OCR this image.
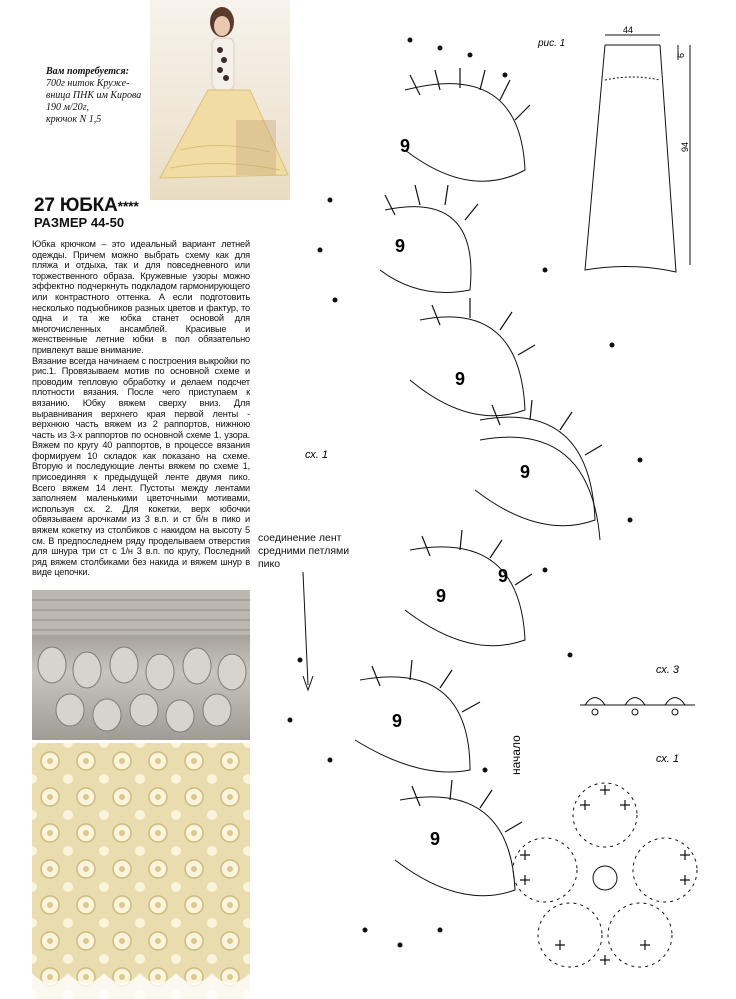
Вам потребуется:
700г ниток Круже-
вница ПНК им Кирова
190 м/20г,
крючок N 1,5
27 ЮБКА****
РАЗМЕР 44-50

Юбка крючком – это идеальный вариант летней одежды. Причем можно выбрать схему как для пляжа и отдыха, так и для повседневного или торжественного образа. Кружевные узоры можно эффектно подчеркнуть подкладом гармонирующего или контрастного оттенка. А если подготовить несколько подъюбников разных цветов и фактур, то одна и та же юбка станет основой для многочисленных ансамблей. Красивые и женственные летние юбки в пол обязательно привлекут ваше внимание.

Вязание всегда начинаем с построения выкройки по рис.1. Провязываем мотив по основной схеме и проводим тепловую обработку и делаем подсчет плотности вязания. После чего приступаем к вязанию. Юбку вяжем сверху вниз. Для выравнивания верхнего края первой ленты - верхнюю часть вяжем из 2 раппортов, нижнюю часть из 3-х раппортов по основной схеме 1. узора. Вяжем по кругу 40 раппортов, в процессе вязания формируем 10 складок как показано на схеме. Вторую и последующие ленты вяжем по схеме 1, присоединяя к предыдущей ленте двумя пико. Всего вяжем 14 лент. Пустоты между лентами заполняем маленькими цветочными мотивами, используя сх. 2. Для кокетки, верх юбочки обвязываем арочками из 3 в.п. и ст б/н в пико и вяжем кокетку из столбиков с накидом на высоту 5 см. В предпоследнем ряду проделываем отверстия для шнура три ст с 1/н 3 в.п. по кругу, Последний ряд вяжем столбиками без накида и вяжем шнур в виде цепочки.

44
6
94
рис. 1
9
9
9
9
9
9
9
9
сх. 1
начало
сх. 3
сх. 1
соединение лент средними петлями пико
